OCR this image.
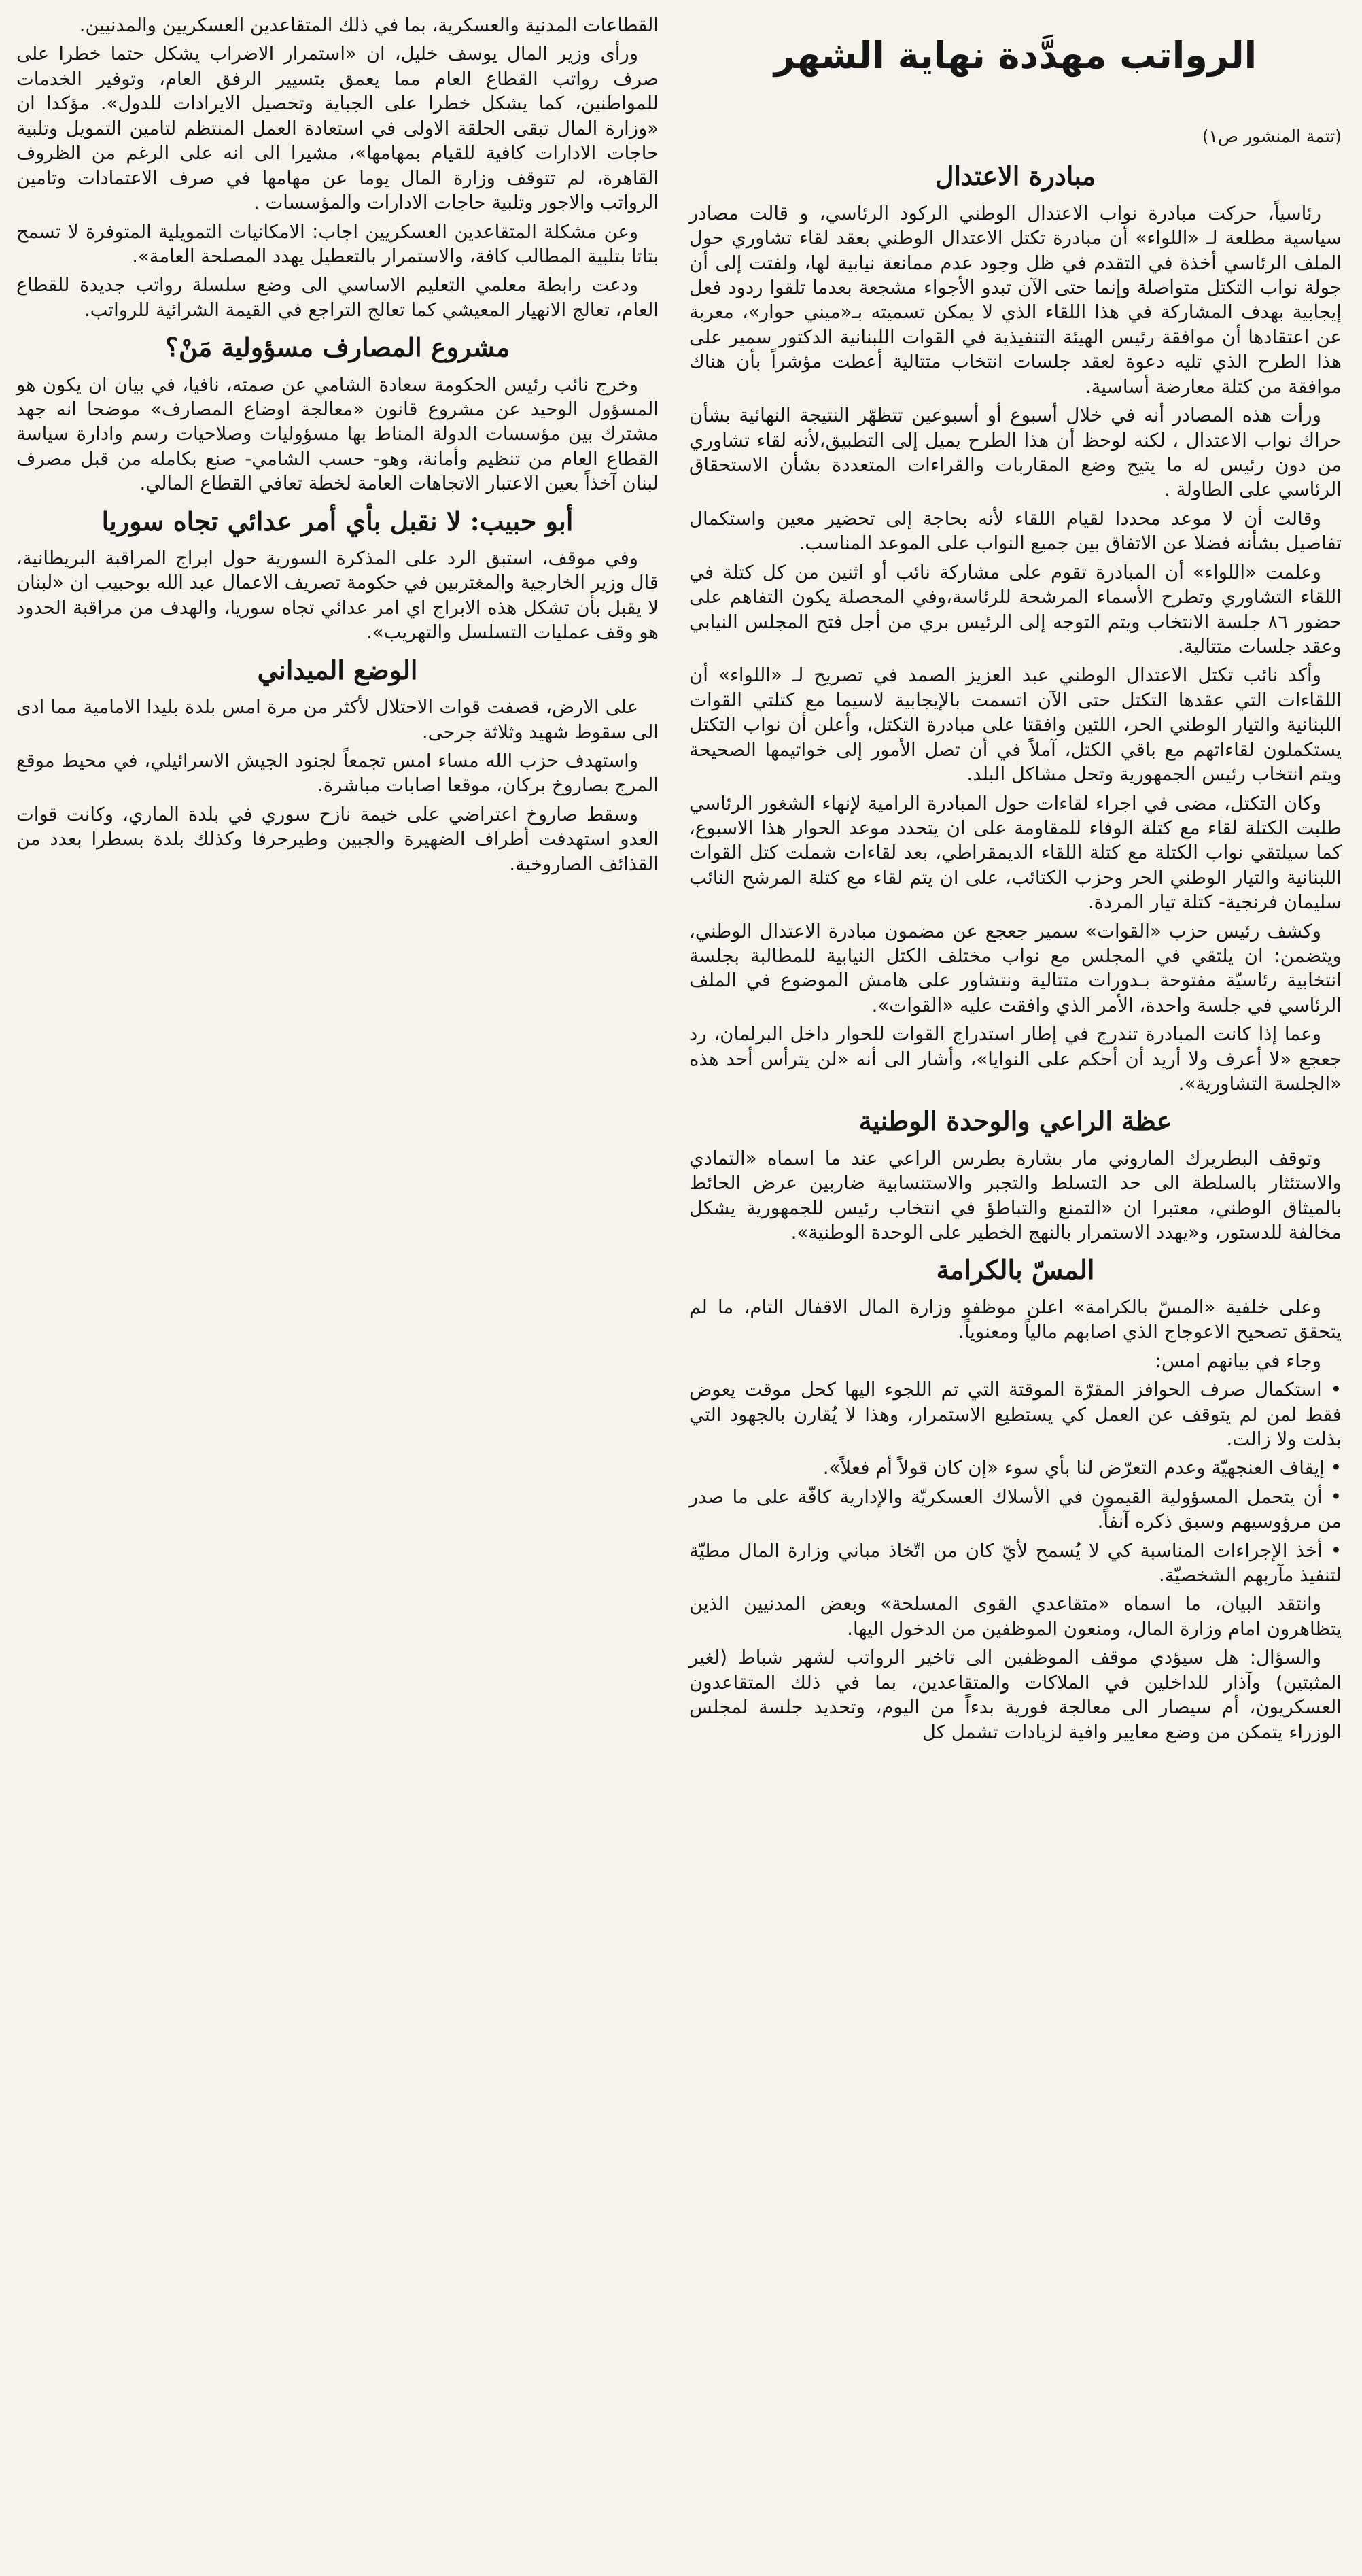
الرواتب مهدَّدة نهاية الشهر
(تتمة المنشور ص١)
مبادرة الاعتدال

رئاسياً، حركت مبادرة نواب الاعتدال الوطني الركود الرئاسي، و قالت مصادر سياسية مطلعة لـ «اللواء» أن مبادرة تكتل الاعتدال الوطني بعقد لقاء تشاوري حول الملف الرئاسي أخذة في التقدم في ظل وجود عدم ممانعة نيابية لها، ولفتت إلى أن جولة نواب التكتل متواصلة وإنما حتى الآن تبدو الأجواء مشجعة بعدما تلقوا ردود فعل إيجابية بهدف المشاركة في هذا اللقاء الذي لا يمكن تسميته بـ«ميني حوار»، معربة عن اعتقادها أن موافقة رئيس الهيئة التنفيذية في القوات اللبنانية الدكتور سمير على هذا الطرح الذي تليه دعوة لعقد جلسات انتخاب متتالية أعطت مؤشراً بأن هناك موافقة من كتلة معارضة أساسية.

ورأت هذه المصادر أنه في خلال أسبوع أو أسبوعين تتظهّر النتيجة النهائية بشأن حراك نواب الاعتدال ، لكنه لوحظ أن هذا الطرح يميل إلى التطبيق،لأنه لقاء تشاوري من دون رئيس له ما يتيح وضع المقاربات والقراءات المتعددة بشأن الاستحقاق الرئاسي على الطاولة .

وقالت أن لا موعد محددا لقيام اللقاء لأنه بحاجة إلى تحضير معين واستكمال تفاصيل بشأنه فضلا عن الاتفاق بين جميع النواب على الموعد المناسب.

وعلمت «اللواء» أن المبادرة تقوم على مشاركة نائب أو اثنين من كل كتلة في اللقاء التشاوري وتطرح الأسماء المرشحة للرئاسة،وفي المحصلة يكون التفاهم على حضور ٨٦ جلسة الانتخاب ويتم التوجه إلى الرئيس بري من أجل فتح المجلس النيابي وعقد جلسات متتالية.

وأكد نائب تكتل الاعتدال الوطني عبد العزيز الصمد في تصريح لـ «اللواء» أن اللقاءات التي عقدها التكتل حتى الآن اتسمت بالإيجابية لاسيما مع كتلتي القوات اللبنانية والتيار الوطني الحر، اللتين وافقتا على مبادرة التكتل، وأعلن أن نواب التكتل يستكملون لقاءاتهم مع باقي الكتل، آملاً في أن تصل الأمور إلى خواتيمها الصحيحة ويتم انتخاب رئيس الجمهورية وتحل مشاكل البلد.

وكان التكتل، مضى في اجراء لقاءات حول المبادرة الرامية لإنهاء الشغور الرئاسي طلبت الكتلة لقاء مع كتلة الوفاء للمقاومة على ان يتحدد موعد الحوار هذا الاسبوع، كما سيلتقي نواب الكتلة مع كتلة اللقاء الديمقراطي، بعد لقاءات شملت كتل القوات اللبنانية والتيار الوطني الحر وحزب الكتائب، على ان يتم لقاء مع كتلة المرشح النائب سليمان فرنجية- كتلة تيار المردة.

وكشف رئيس حزب «القوات» سمير جعجع عن مضمون مبادرة الاعتدال الوطني، ويتضمن: ان يلتقي في المجلس مع نواب مختلف الكتل النيابية للمطالبة بجلسة انتخابية رئاسيّة مفتوحة بـدورات متتالية ونتشاور على هامش الموضوع في الملف الرئاسي في جلسة واحدة، الأمر الذي وافقت عليه «القوات».

وعما إذا كانت المبادرة تندرج في إطار استدراج القوات للحوار داخل البرلمان، رد جعجع «لا أعرف ولا أريد أن أحكم على النوايا»، وأشار الى أنه «لن يترأس أحد هذه «الجلسة التشاورية».

عظة الراعي والوحدة الوطنية

وتوقف البطريرك الماروني مار بشارة بطرس الراعي عند ما اسماه «التمادي والاستئثار بالسلطة الى حد التسلط والتجبر والاستنسابية ضاربين عرض الحائط بالميثاق الوطني، معتبرا ان «التمنع والتباطؤ في انتخاب رئيس للجمهورية يشكل مخالفة للدستور، و«يهدد الاستمرار بالنهج الخطير على الوحدة الوطنية».

المسّ بالكرامة

وعلى خلفية «المسّ بالكرامة» اعلن موظفو وزارة المال الاقفال التام، ما لم يتحقق تصحيح الاعوجاج الذي اصابهم مالياً ومعنوياً.

وجاء في بيانهم امس:

• استكمال صرف الحوافز المقرّة الموقتة التي تم اللجوء اليها كحل موقت يعوض فقط لمن لم يتوقف عن العمل كي يستطيع الاستمرار، وهذا لا يُقارن بالجهود التي بذلت ولا زالت.

• إيقاف العنجهيّة وعدم التعرّض لنا بأي سوء «إن كان قولاً أم فعلاً».

• أن يتحمل المسؤولية القيمون في الأسلاك العسكريّة والإدارية كافّة على ما صدر من مرؤوسيهم وسبق ذكره آنفاً.

• أخذ الإجراءات المناسبة كي لا يُسمح لأيّ كان من اتّخاذ مباني وزارة المال مطيّة لتنفيذ مآربهم الشخصيّة.

وانتقد البيان، ما اسماه «متقاعدي القوى المسلحة» وبعض المدنيين الذين يتظاهرون امام وزارة المال، ومنعون الموظفين من الدخول اليها.

والسؤال: هل سيؤدي موقف الموظفين الى تاخير الرواتب لشهر شباط (لغير المثبتين) وآذار للداخلين في الملاكات والمتقاعدين، بما في ذلك المتقاعدون العسكريون، أم سيصار الى معالجة فورية بدءاً من اليوم، وتحديد جلسة لمجلس الوزراء يتمكن من وضع معايير وافية لزيادات تشمل كل

القطاعات المدنية والعسكرية، بما في ذلك المتقاعدين العسكريين والمدنيين.

ورأى وزير المال يوسف خليل، ان «استمرار الاضراب يشكل حتما خطرا على صرف رواتب القطاع العام مما يعمق بتسيير الرفق العام، وتوفير الخدمات للمواطنين، كما يشكل خطرا على الجباية وتحصيل الايرادات للدول». مؤكدا ان «وزارة المال تبقى الحلقة الاولى في استعادة العمل المنتظم لتامين التمويل وتلبية حاجات الادارات كافية للقيام بمهامها»، مشيرا الى انه على الرغم من الظروف القاهرة، لم تتوقف وزارة المال يوما عن مهامها في صرف الاعتمادات وتامين الرواتب والاجور وتلبية حاجات الادارات والمؤسسات .

وعن مشكلة المتقاعدين العسكريين اجاب: الامكانيات التمويلية المتوفرة لا تسمح بتاتا بتلبية المطالب كافة، والاستمرار بالتعطيل يهدد المصلحة العامة».

ودعت رابطة معلمي التعليم الاساسي الى وضع سلسلة رواتب جديدة للقطاع العام، تعالج الانهيار المعيشي كما تعالج التراجع في القيمة الشرائية للرواتب.

مشروع المصارف مسؤولية مَنْ؟

وخرج نائب رئيس الحكومة سعادة الشامي عن صمته، نافيا، في بيان ان يكون هو المسؤول الوحيد عن مشروع قانون «معالجة اوضاع المصارف» موضحا انه جهد مشترك بين مؤسسات الدولة المناط بها مسؤوليات وصلاحيات رسم وادارة سياسة القطاع العام من تنظيم وأمانة، وهو- حسب الشامي- صنع بكامله من قبل مصرف لبنان آخذاً بعين الاعتبار الاتجاهات العامة لخطة تعافي القطاع المالي.

أبو حبيب: لا نقبل بأي أمر عدائي تجاه سوريا

وفي موقف، استبق الرد على المذكرة السورية حول ابراج المراقبة البريطانية، قال وزير الخارجية والمغتربين في حكومة تصريف الاعمال عبد الله بوحبيب ان «لبنان لا يقبل بأن تشكل هذه الابراج اي امر عدائي تجاه سوريا، والهدف من مراقبة الحدود هو وقف عمليات التسلسل والتهريب».

الوضع الميداني

على الارض، قصفت قوات الاحتلال لأكثر من مرة امس بلدة بليدا الامامية مما ادى الى سقوط شهيد وثلاثة جرحى.

واستهدف حزب الله مساء امس تجمعاً لجنود الجيش الاسرائيلي، في محيط موقع المرج بصاروخ بركان، موقعا اصابات مباشرة.

وسقط صاروخ اعتراضي على خيمة نازح سوري في بلدة الماري، وكانت قوات العدو استهدفت أطراف الضهيرة والجبين وطيرحرفا وكذلك بلدة بسطرا بعدد من القذائف الصاروخية.
